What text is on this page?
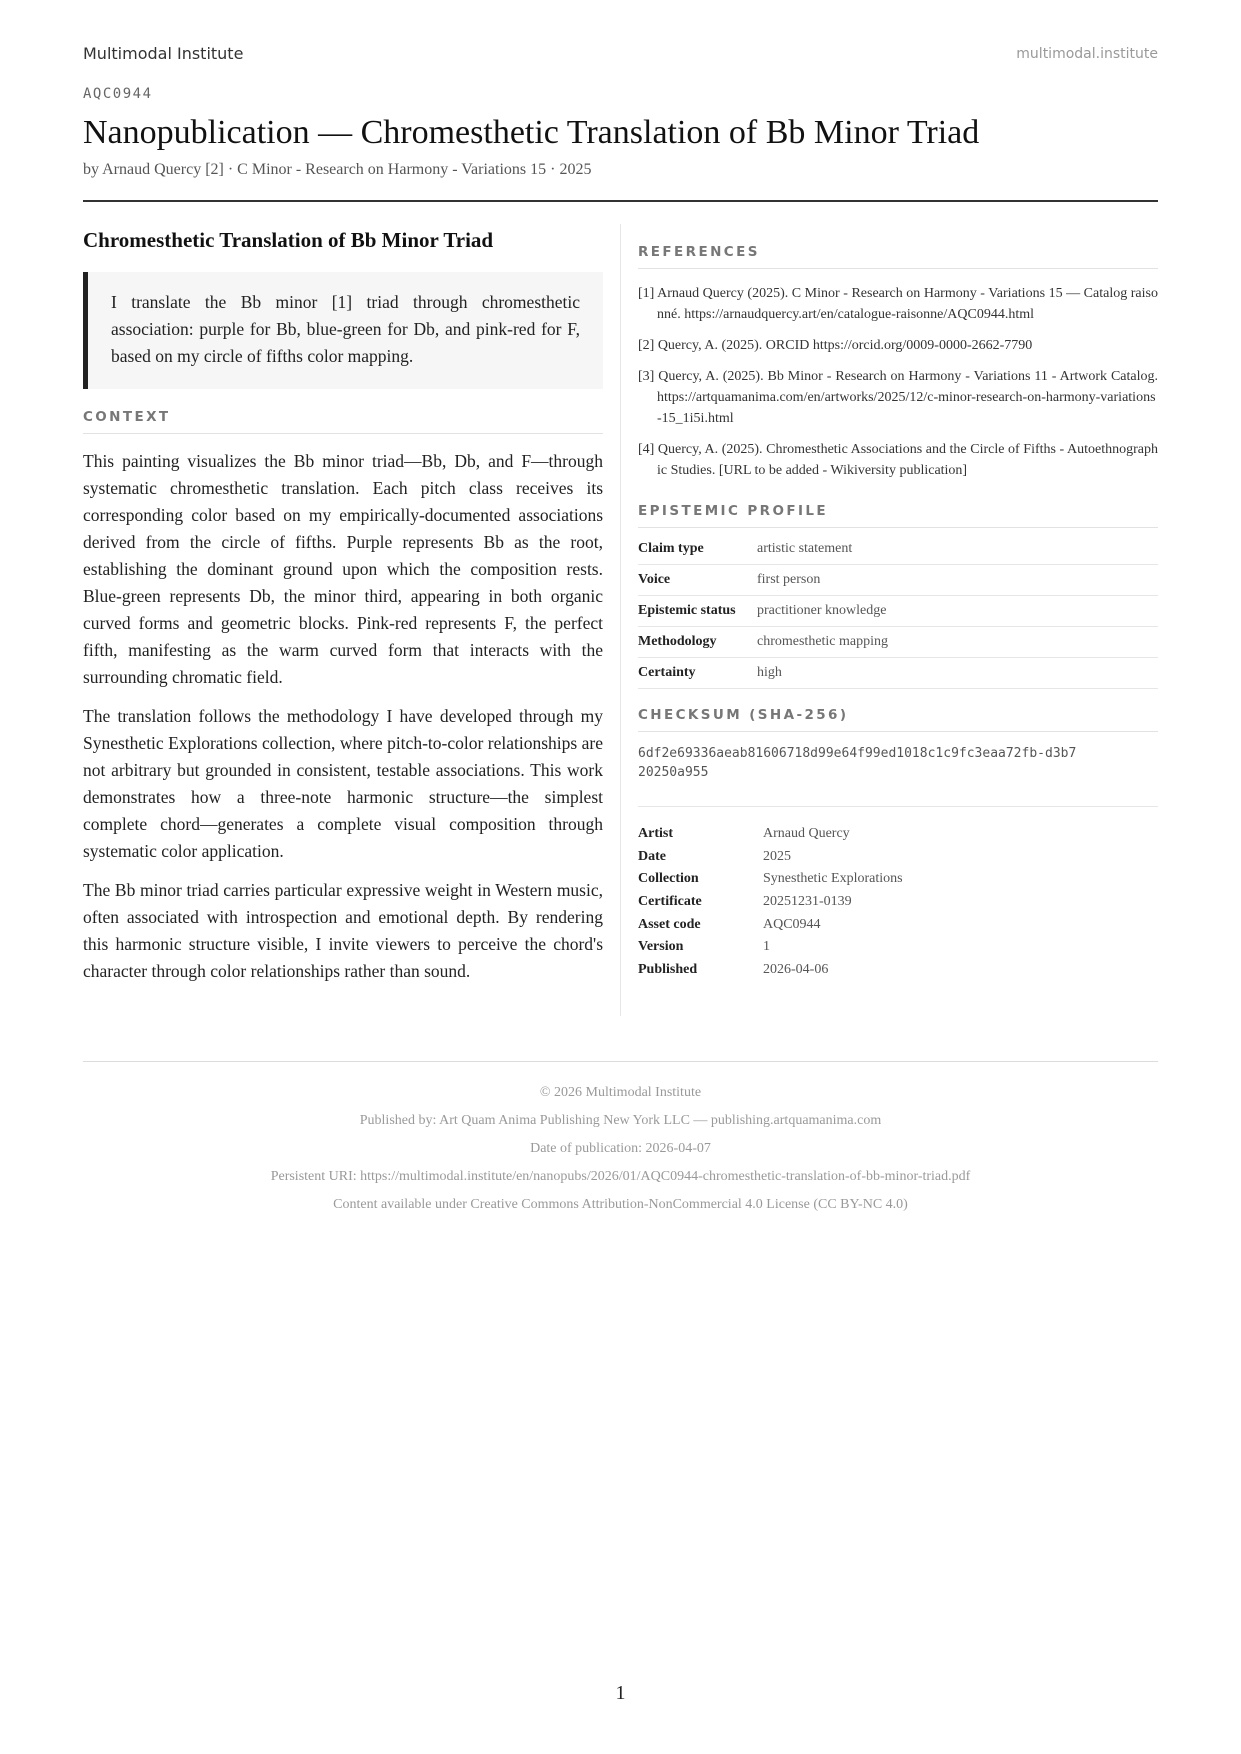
Multimodal Institute	multimodal.institute
AQC0944
Nanopublication — Chromesthetic Translation of Bb Minor Triad
by Arnaud Quercy [2] · C Minor - Research on Harmony - Variations 15 · 2025
Chromesthetic Translation of Bb Minor Triad

I translate the Bb minor [1] triad through chromesthetic association: purple for Bb, blue-green for Db, and pink-red for F, based on my circle of fifths color mapping.

CONTEXT

This painting visualizes the Bb minor triad—Bb, Db, and F—through systematic chromesthetic translation. Each pitch class receives its corresponding color based on my empirically-documented associations derived from the circle of fifths. Purple represents Bb as the root, establishing the dominant ground upon which the composition rests. Blue-green represents Db, the minor third, appearing in both organic curved forms and geometric blocks. Pink-red represents F, the perfect fifth, manifesting as the warm curved form that interacts with the surrounding chromatic field.

The translation follows the methodology I have developed through my Synesthetic Explorations collection, where pitch-to-color relationships are not arbitrary but grounded in consistent, testable associations. This work demonstrates how a three-note harmonic structure—the simplest complete chord—generates a complete visual composition through systematic color application.

The Bb minor triad carries particular expressive weight in Western music, often associated with introspection and emotional depth. By rendering this harmonic structure visible, I invite viewers to perceive the chord's character through color relationships rather than sound.

REFERENCES
[1] Arnaud Quercy (2025). C Minor - Research on Harmony - Variations 15 — Catalog raisonné. https://arnaudquercy.art/en/catalogue-raisonne/AQC0944.html
[2] Quercy, A. (2025). ORCID https://orcid.org/0009-0000-2662-7790
[3] Quercy, A. (2025). Bb Minor - Research on Harmony - Variations 11 - Artwork Catalog. https://artquamanima.com/en/artworks/2025/12/c-minor-research-on-harmony-variations-15_1i5i.html
[4] Quercy, A. (2025). Chromesthetic Associations and the Circle of Fifths - Autoethnographic Studies. [URL to be added - Wikiversity publication]
EPISTEMIC PROFILE
Claim type	artistic statement
Voice	first person
Epistemic status	practitioner knowledge
Methodology	chromesthetic mapping
Certainty	high
CHECKSUM (SHA-256)
6df2e69336aeab81606718d99e64f99ed1018c1c9fc3eaa72fb-d3b720250a955
Artist	Arnaud Quercy
Date	2025
Collection	Synesthetic Explorations
Certificate	20251231-0139
Asset code	AQC0944
Version	1
Published	2026-04-06
© 2026 Multimodal Institute
Published by: Art Quam Anima Publishing New York LLC — publishing.artquamanima.com
Date of publication: 2026-04-07
Persistent URI: https://multimodal.institute/en/nanopubs/2026/01/AQC0944-chromesthetic-translation-of-bb-minor-triad.pdf
Content available under Creative Commons Attribution-NonCommercial 4.0 License (CC BY-NC 4.0)
1
